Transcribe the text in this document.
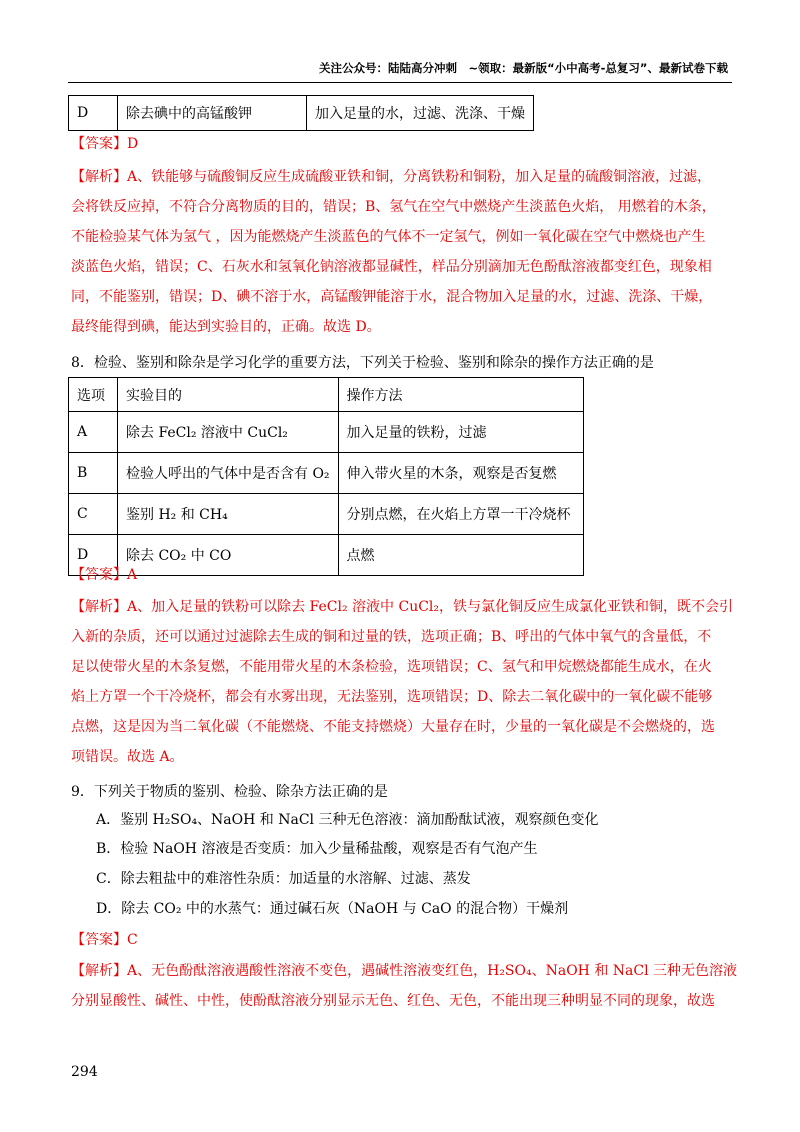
关注公众号：陆陆高分冲刺　~领取：最新版“小中高考-总复习”、最新试卷下载
D	除去碘中的高锰酸钾	加入足量的水，过滤、洗涤、干燥
【答案】D
【解析】A、铁能够与硫酸铜反应生成硫酸亚铁和铜，分离铁粉和铜粉，加入足量的硫酸铜溶液，过滤，
会将铁反应掉，不符合分离物质的目的，错误；B、氢气在空气中燃烧产生淡蓝色火焰， 用燃着的木条，
不能检验某气体为氢气 ，因为能燃烧产生淡蓝色的气体不一定氢气，例如一氧化碳在空气中燃烧也产生
淡蓝色火焰，错误；C、石灰水和氢氧化钠溶液都显碱性，样品分别滴加无色酚酞溶液都变红色，现象相
同，不能鉴别，错误；D、碘不溶于水，高锰酸钾能溶于水，混合物加入足量的水，过滤、洗涤、干燥，
最终能得到碘，能达到实验目的，正确。故选 D。
8．检验、鉴别和除杂是学习化学的重要方法，下列关于检验、鉴别和除杂的操作方法正确的是
选项	实验目的	操作方法
A	除去 FeCl₂ 溶液中 CuCl₂	加入足量的铁粉，过滤
B	检验人呼出的气体中是否含有 O₂	伸入带火星的木条，观察是否复燃
C	鉴别 H₂ 和 CH₄	分别点燃，在火焰上方罩一干冷烧杯
D	除去 CO₂ 中 CO	点燃
【答案】A
【解析】A、加入足量的铁粉可以除去 FeCl₂ 溶液中 CuCl₂，铁与氯化铜反应生成氯化亚铁和铜，既不会引
入新的杂质，还可以通过过滤除去生成的铜和过量的铁，选项正确；B、呼出的气体中氧气的含量低，不
足以使带火星的木条复燃，不能用带火星的木条检验，选项错误；C、氢气和甲烷燃烧都能生成水，在火
焰上方罩一个干冷烧杯，都会有水雾出现，无法鉴别，选项错误；D、除去二氧化碳中的一氧化碳不能够
点燃，这是因为当二氧化碳（不能燃烧、不能支持燃烧）大量存在时，少量的一氧化碳是不会燃烧的，选
项错误。故选 A。
9．下列关于物质的鉴别、检验、除杂方法正确的是
A．鉴别 H₂SO₄、NaOH 和 NaCl 三种无色溶液：滴加酚酞试液，观察颜色变化
B．检验 NaOH 溶液是否变质：加入少量稀盐酸，观察是否有气泡产生
C．除去粗盐中的难溶性杂质：加适量的水溶解、过滤、蒸发
D．除去 CO₂ 中的水蒸气：通过碱石灰（NaOH 与 CaO 的混合物）干燥剂
【答案】C
【解析】A、无色酚酞溶液遇酸性溶液不变色，遇碱性溶液变红色，H₂SO₄、NaOH 和 NaCl 三种无色溶液
分别显酸性、碱性、中性，使酚酞溶液分别显示无色、红色、无色，不能出现三种明显不同的现象，故选
294
